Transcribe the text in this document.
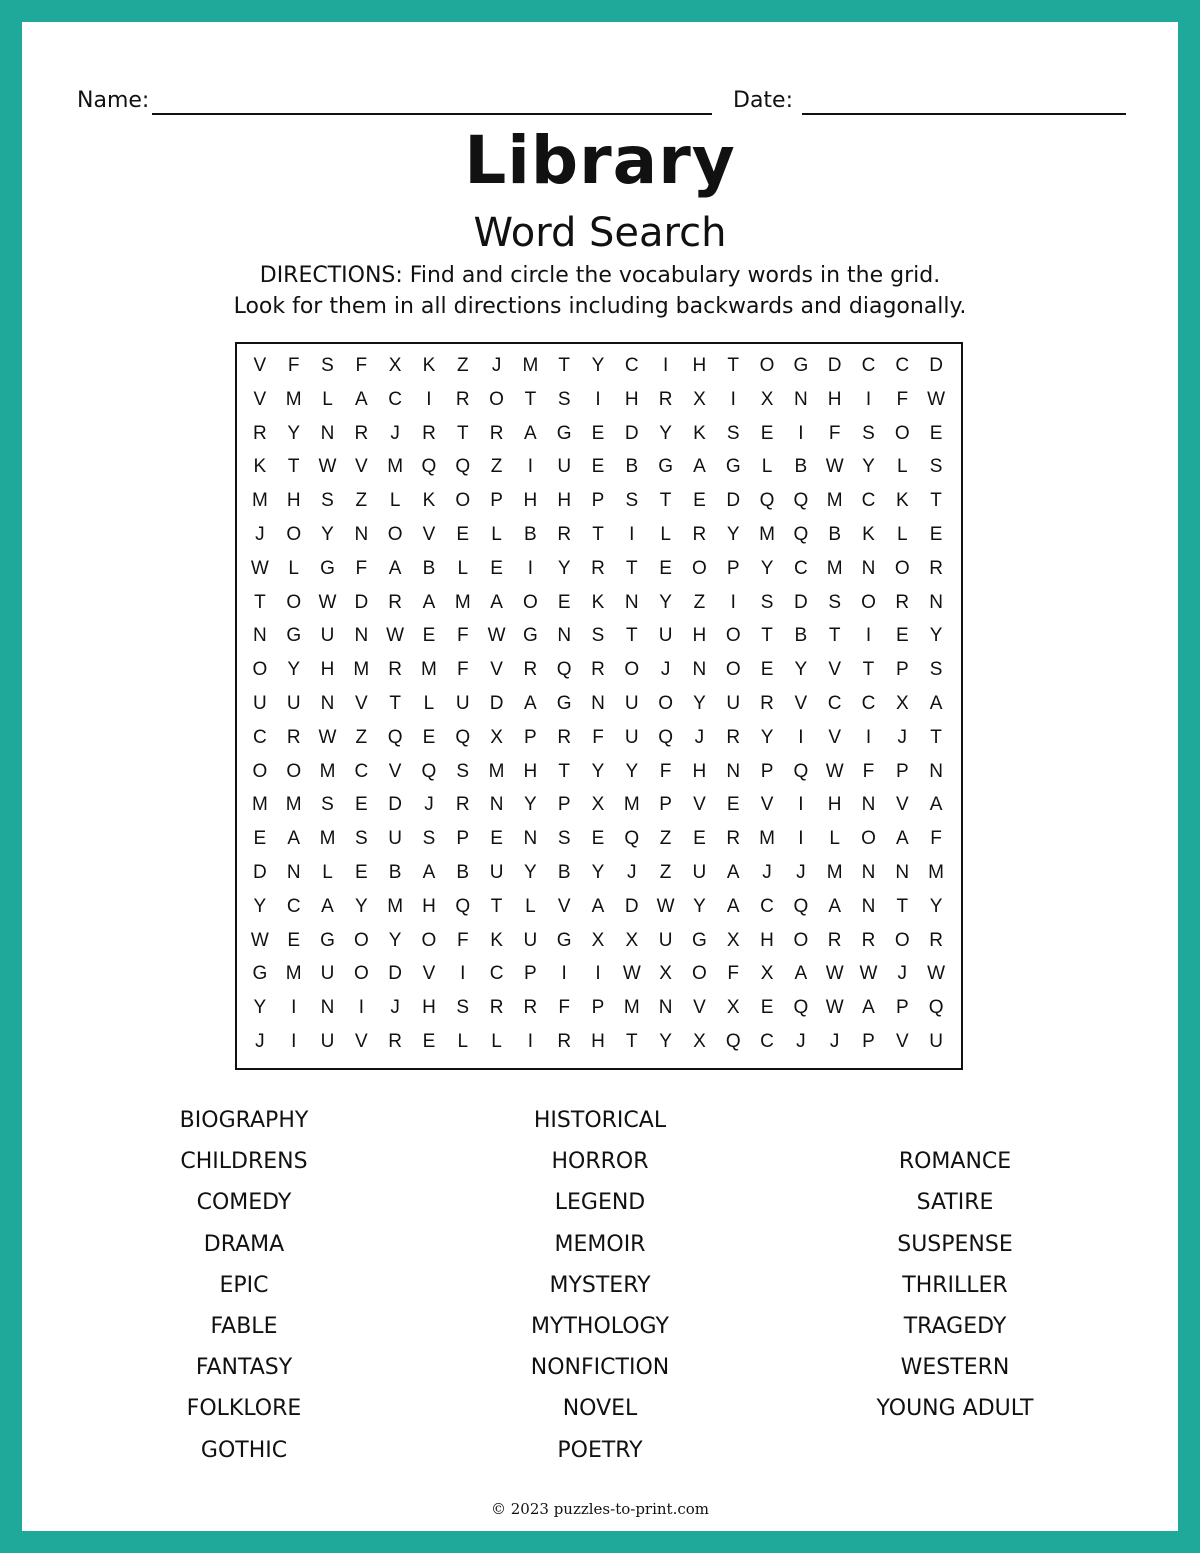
Name:	Date:
Library
Word Search
DIRECTIONS: Find and circle the vocabulary words in the grid.
Look for them in all directions including backwards and diagonally.
V	F	S	F	X	K	Z	J	M	T	Y	C	I	H	T	O	G	D	C	C	D
V	M	L	A	C	I	R	O	T	S	I	H	R	X	I	X	N	H	I	F	W
R	Y	N	R	J	R	T	R	A	G	E	D	Y	K	S	E	I	F	S	O	E
K	T	W V	M Q	Q	Z	I	U	E	B	G	A	G	L	B W Y	L	S
M	H	S	Z	L	K	O	P	H	H	P	S	T	E	D	Q	Q M	C	K	T
J	O	Y	N	O	V	E	L	B	R	T	I	L	R	Y	M Q	B	K	L	E
W	L	G	F	A	B	L	E	I	Y	R	T	E	O	P	Y	C	M	N	O	R
T	O W D	R	A	M	A	O	E	K	N	Y	Z	I	S	D	S	O	R	N
N	G	U	N W E	F	W G	N	S	T	U	H	O	T	B	T	I	E	Y
O	Y	H	M	R	M	F	V	R	Q	R	O	J	N	O	E	Y	V	T	P	S
U	U	N	V	T	L	U	D	A	G	N	U	O	Y	U	R	V	C	C	X	A
C	R W	Z	Q	E	Q	X	P	R	F	U	Q	J	R	Y	I	V	I	J	T
O	O M	C	V	Q	S	M	H	T	Y	Y	F	H	N	P	Q W	F	P	N
M M	S	E	D	J	R	N	Y	P	X	M	P	V	E	V	I	H	N	V	A
E	A	M	S	U	S	P	E	N	S	E	Q	Z	E	R	M	I	L	O	A	F
D	N	L	E	B	A	B	U	Y	B	Y	J	Z	U	A	J	J	M	N	N	M
Y	C	A	Y	M	H	Q	T	L	V	A	D W Y	A	C	Q	A	N	T	Y
W E	G	O	Y	O	F	K	U	G	X	X	U	G	X	H	O	R	R	O	R
G M	U	O	D	V	I	C	P	I	I	W X	O	F	X	A W W	J	W
Y	I	N	I	J	H	S	R	R	F	P	M	N	V	X	E	Q W A	P	Q
J	I	U	V	R	E	L	L	I	R	H	T	Y	X	Q	C	J	J	P	V	U
BIOGRAPHY
CHILDRENS
COMEDY
DRAMA
EPIC
FABLE
FANTASY
FOLKLORE
GOTHIC
HISTORICAL
HORROR
LEGEND
MEMOIR
MYSTERY
MYTHOLOGY
NONFICTION
NOVEL
POETRY
ROMANCE
SATIRE
SUSPENSE
THRILLER
TRAGEDY
WESTERN
YOUNG ADULT
© 2023 puzzles-to-print.com
